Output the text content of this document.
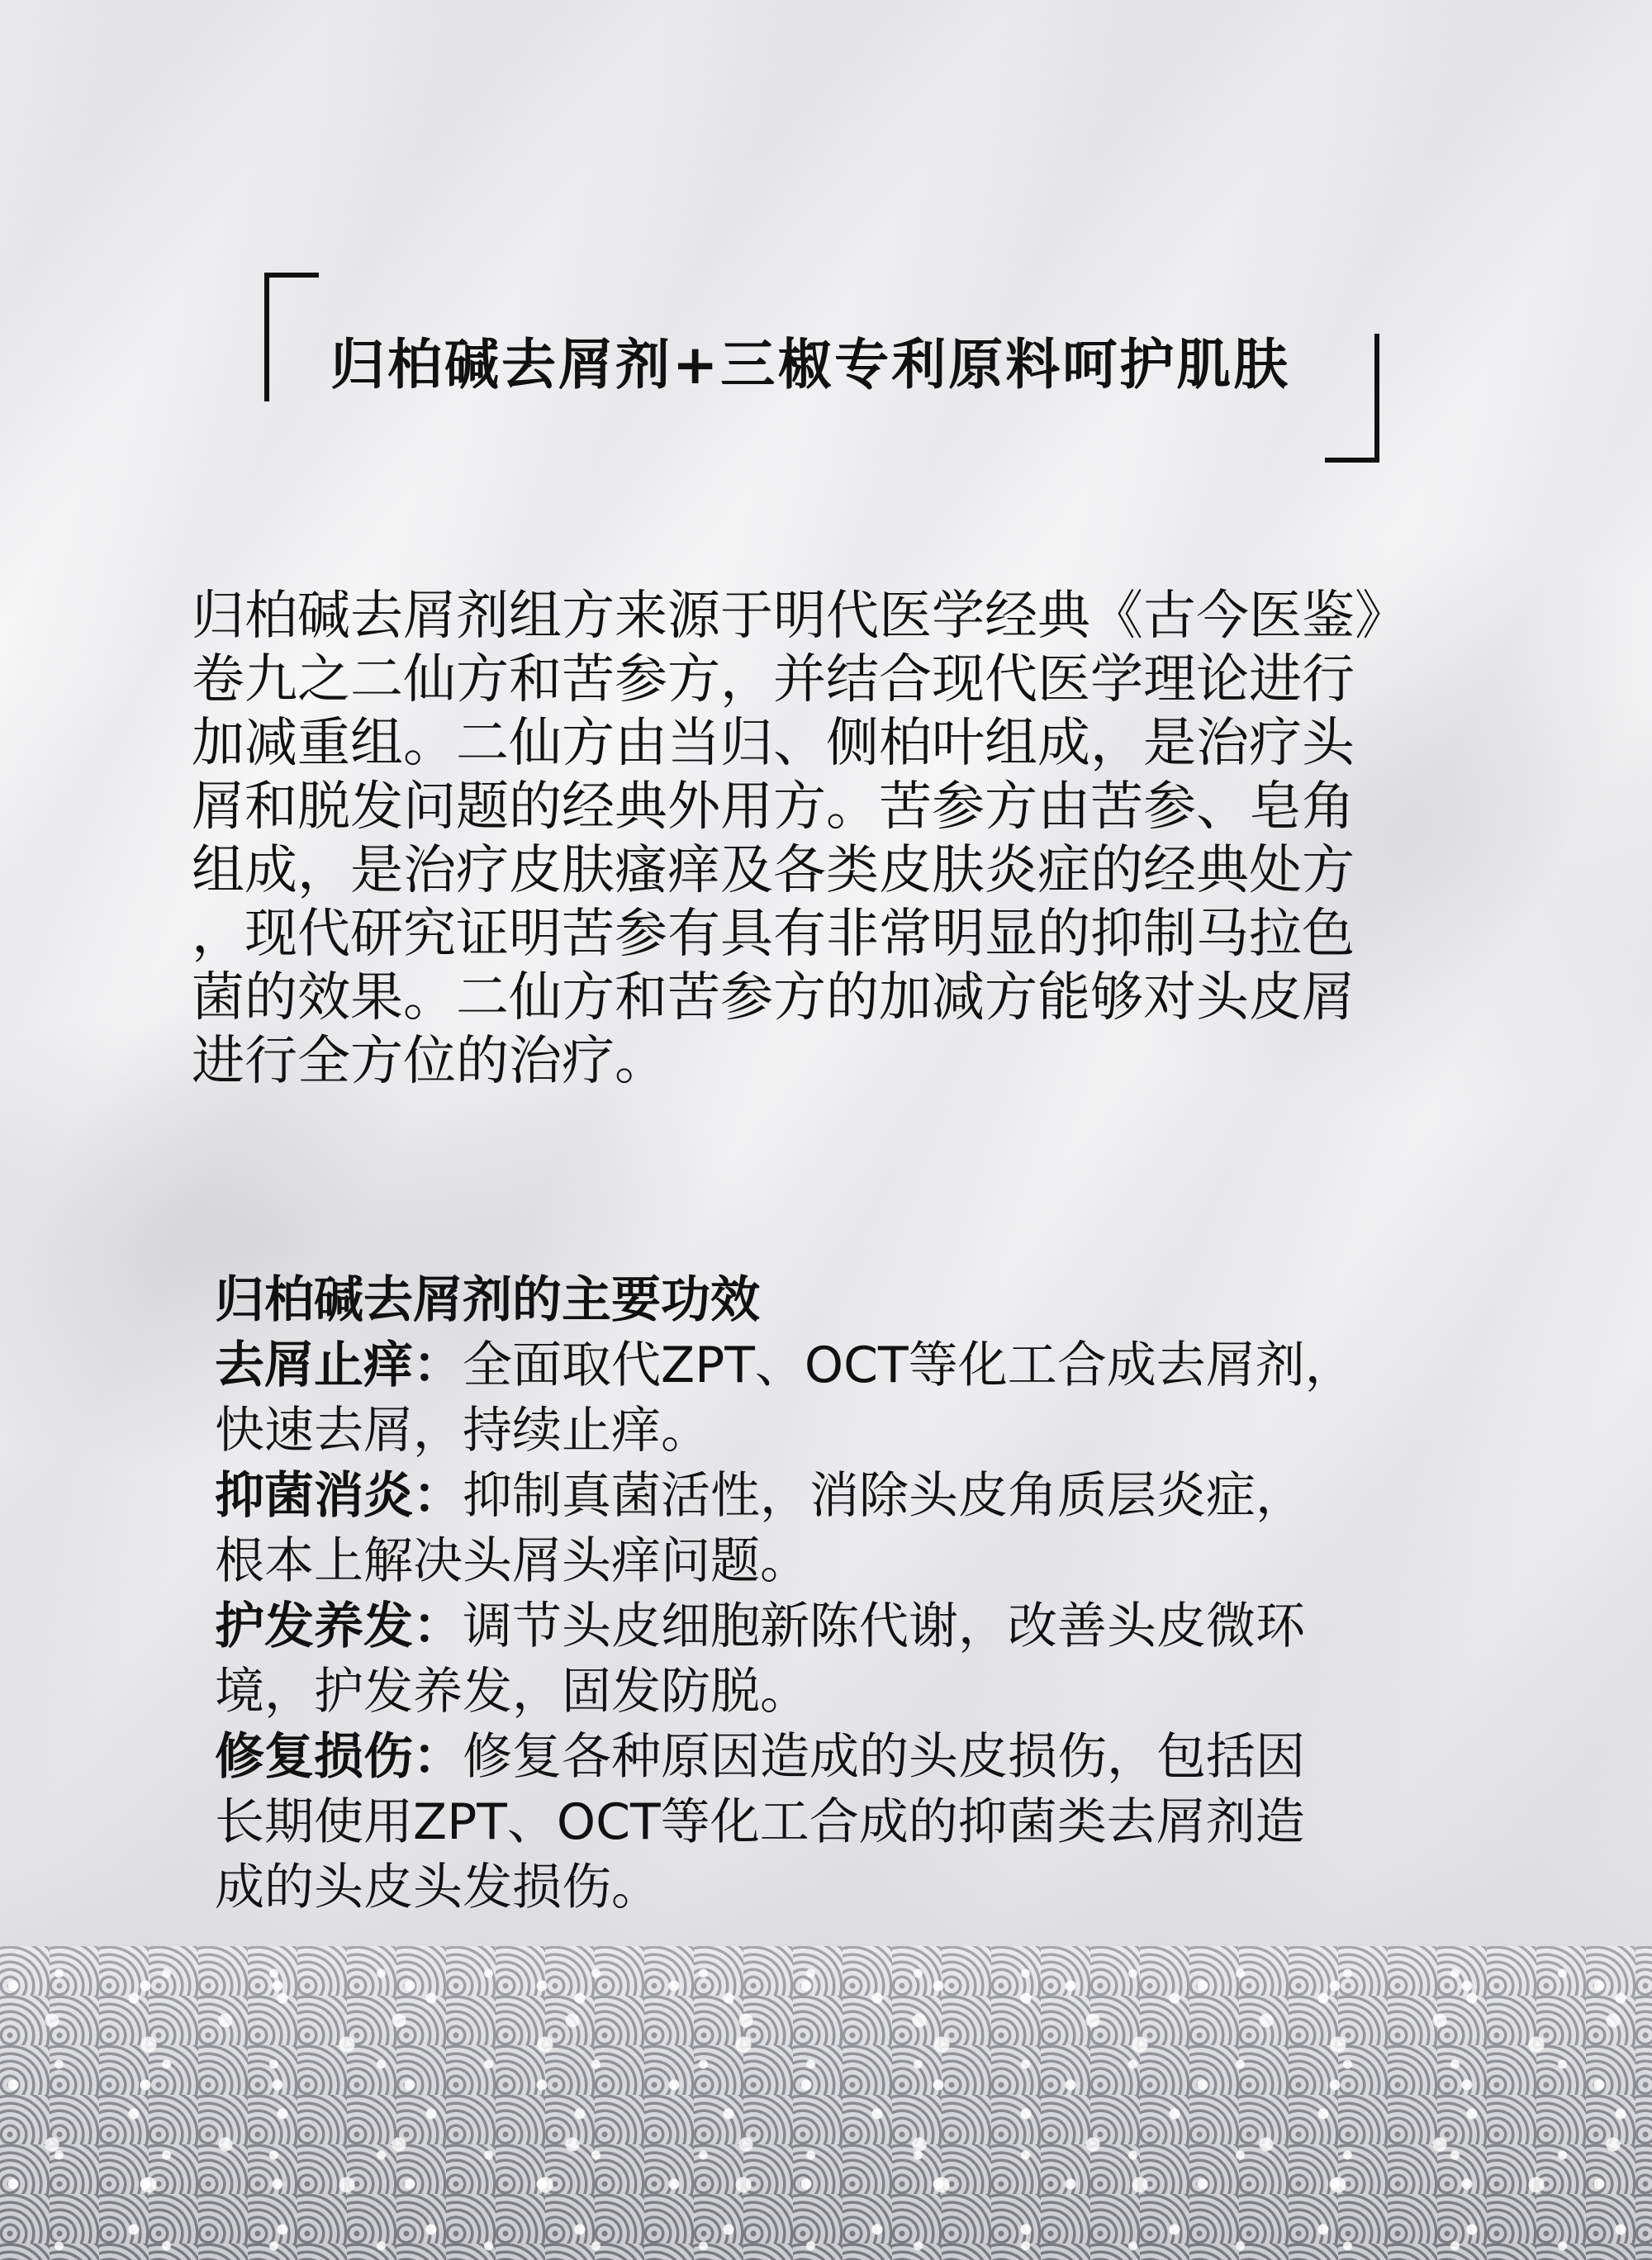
归柏碱去屑剂+三椒专利原料呵护肌肤

归柏碱去屑剂组方来源于明代医学经典《古今医鉴》
卷九之二仙方和苦参方，并结合现代医学理论进行
加减重组。二仙方由当归、侧柏叶组成，是治疗头
屑和脱发问题的经典外用方。苦参方由苦参、皂角
组成，是治疗皮肤瘙痒及各类皮肤炎症的经典处方
，现代研究证明苦参有具有非常明显的抑制马拉色
菌的效果。二仙方和苦参方的加减方能够对头皮屑
进行全方位的治疗。

归柏碱去屑剂的主要功效
去屑止痒：全面取代ZPT、OCT等化工合成去屑剂，
快速去屑，持续止痒。
抑菌消炎：抑制真菌活性，消除头皮角质层炎症，
根本上解决头屑头痒问题。
护发养发：调节头皮细胞新陈代谢，改善头皮微环
境，护发养发，固发防脱。
修复损伤：修复各种原因造成的头皮损伤，包括因
长期使用ZPT、OCT等化工合成的抑菌类去屑剂造
成的头皮头发损伤。
